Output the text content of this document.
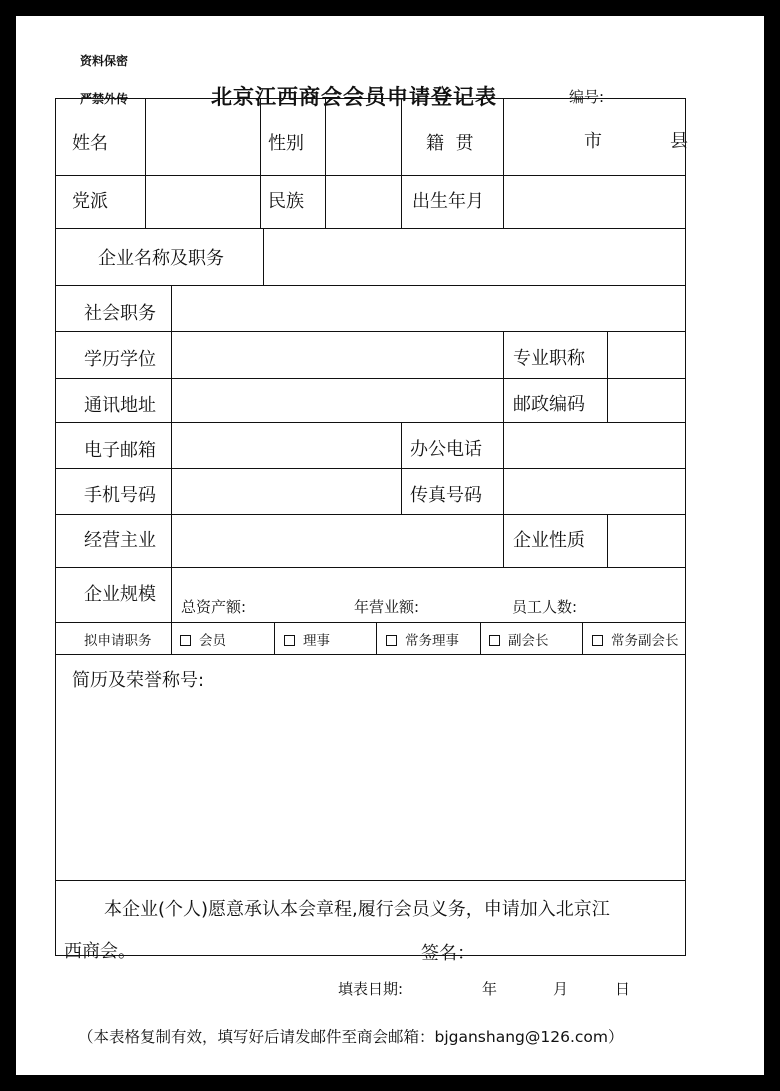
资料保密
严禁外传	北京江西商会会员申请登记表	编号:
姓名	性别	籍  贯	市	县
党派	民族	出生年月
企业名称及职务
社会职务
学历学位	专业职称
通讯地址	邮政编码
电子邮箱	办公电话
手机号码	传真号码
经营主业	企业性质
企业规模
总资产额:	年营业额:	员工人数:
拟申请职务	会员	理事	常务理事	副会长	常务副会长
简历及荣誉称号:
本企业(个人)愿意承认本会章程,履行会员义务，申请加入北京江
西商会。	签名：
填表日期:	年	月	日
（本表格复制有效，填写好后请发邮件至商会邮箱：bjganshang@126.com）
